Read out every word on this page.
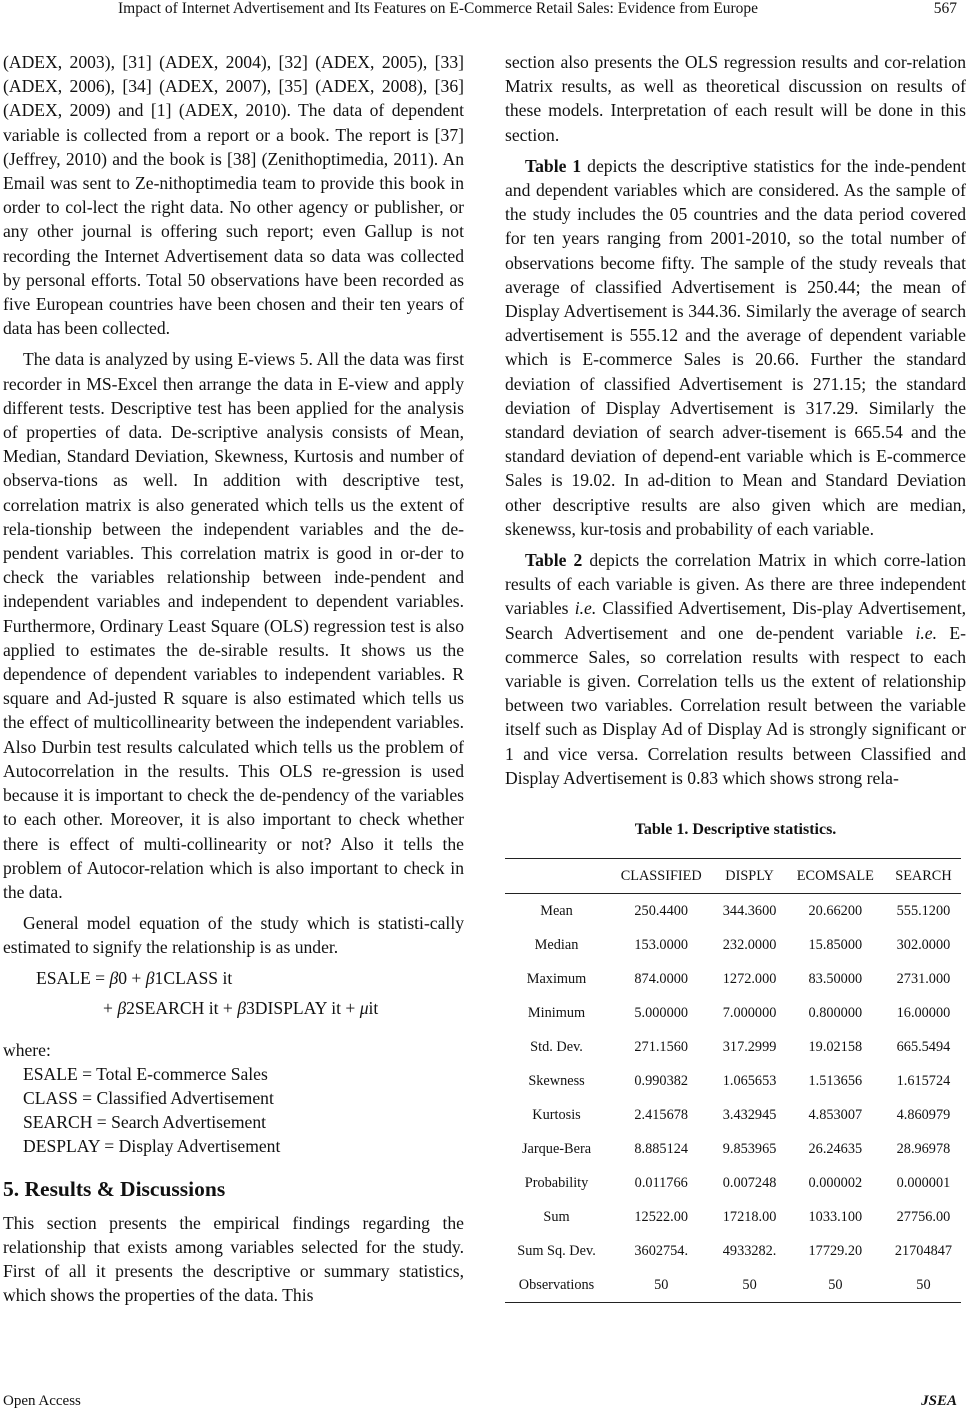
Impact of Internet Advertisement and Its Features on E-Commerce Retail Sales: Evidence from Europe	567

(ADEX, 2003), [31] (ADEX, 2004), [32] (ADEX, 2005), [33] (ADEX, 2006), [34] (ADEX, 2007), [35] (ADEX, 2008), [36] (ADEX, 2009) and [1] (ADEX, 2010). The data of dependent variable is collected from a report or a book. The report is [37] (Jeffrey, 2010) and the book is [38] (Zenithoptimedia, 2011). An Email was sent to Ze-nithoptimedia team to provide this book in order to col-lect the right data. No other agency or publisher, or any other journal is offering such report; even Gallup is not recording the Internet Advertisement data so data was collected by personal efforts. Total 50 observations have been recorded as five European countries have been chosen and their ten years of data has been collected.

The data is analyzed by using E-views 5. All the data was first recorder in MS-Excel then arrange the data in E-view and apply different tests. Descriptive test has been applied for the analysis of properties of data. De-scriptive analysis consists of Mean, Median, Standard Deviation, Skewness, Kurtosis and number of observa-tions as well. In addition with descriptive test, correlation matrix is also generated which tells us the extent of rela-tionship between the independent variables and the de-pendent variables. This correlation matrix is good in or-der to check the variables relationship between inde-pendent and independent variables and independent to dependent variables. Furthermore, Ordinary Least Square (OLS) regression test is also applied to estimates the de-sirable results. It shows us the dependence of dependent variables to independent variables. R square and Ad-justed R square is also estimated which tells us the effect of multicollinearity between the independent variables. Also Durbin test results calculated which tells us the problem of Autocorrelation in the results. This OLS re-gression is used because it is important to check the de-pendency of the variables to each other. Moreover, it is also important to check whether there is effect of multi-collinearity or not? Also it tells the problem of Autocor-relation which is also important to check in the data.

General model equation of the study which is statisti-cally estimated to signify the relationship is as under.

ESALE = β0 + β1CLASS it
+ β2SEARCH it + β3DISPLAY it + μit
where:
ESALE = Total E-commerce Sales
CLASS = Classified Advertisement
SEARCH = Search Advertisement
DESPLAY = Display Advertisement
5. Results & Discussions

This section presents the empirical findings regarding the relationship that exists among variables selected for the study. First of all it presents the descriptive or summary statistics, which shows the properties of the data. This

section also presents the OLS regression results and cor-relation Matrix results, as well as theoretical discussion on results of these models. Interpretation of each result will be done in this section.

Table 1 depicts the descriptive statistics for the inde-pendent and dependent variables which are considered. As the sample of the study includes the 05 countries and the data period covered for ten years ranging from 2001-2010, so the total number of observations become fifty. The sample of the study reveals that average of classified Advertisement is 250.44; the mean of Display Advertisement is 344.36. Similarly the average of search advertisement is 555.12 and the average of dependent variable which is E-commerce Sales is 20.66. Further the standard deviation of classified Advertisement is 271.15; the standard deviation of Display Advertisement is 317.29. Similarly the standard deviation of search adver-tisement is 665.54 and the standard deviation of depend-ent variable which is E-commerce Sales is 19.02. In ad-dition to Mean and Standard Deviation other descriptive results are also given which are median, skenewss, kur-tosis and probability of each variable.

Table 2 depicts the correlation Matrix in which corre-lation results of each variable is given. As there are three independent variables i.e. Classified Advertisement, Dis-play Advertisement, Search Advertisement and one de-pendent variable i.e. E-commerce Sales, so correlation results with respect to each variable is given. Correlation tells us the extent of relationship between two variables. Correlation result between the variable itself such as Display Ad of Display Ad is strongly significant or 1 and vice versa. Correlation results between Classified and Display Advertisement is 0.83 which shows strong rela-

Table 1. Descriptive statistics.
	CLASSIFIED	DISPLY	ECOMSALE	SEARCH
Mean	250.4400	344.3600	20.66200	555.1200
Median	153.0000	232.0000	15.85000	302.0000
Maximum	874.0000	1272.000	83.50000	2731.000
Minimum	5.000000	7.000000	0.800000	16.00000
Std. Dev.	271.1560	317.2999	19.02158	665.5494
Skewness	0.990382	1.065653	1.513656	1.615724
Kurtosis	2.415678	3.432945	4.853007	4.860979
Jarque-Bera	8.885124	9.853965	26.24635	28.96978
Probability	0.011766	0.007248	0.000002	0.000001
Sum	12522.00	17218.00	1033.100	27756.00
Sum Sq. Dev.	3602754.	4933282.	17729.20	21704847
Observations	50	50	50	50
Open Access	JSEA
